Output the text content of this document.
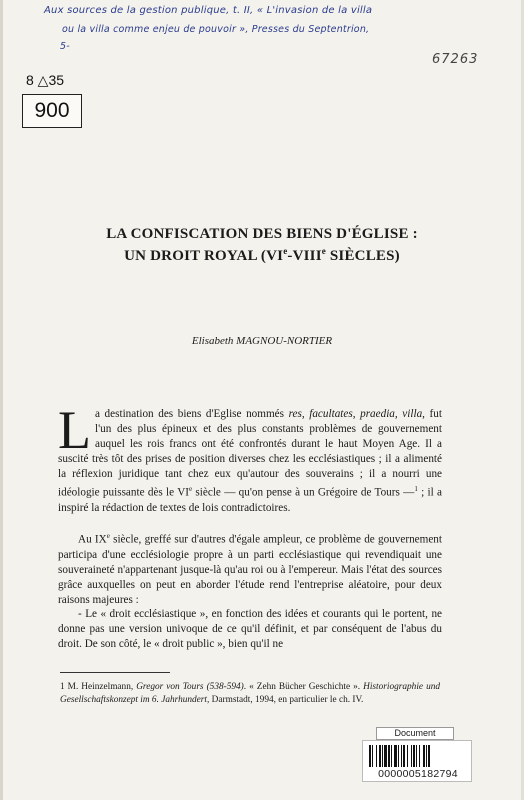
Aux sources de la gestion publique, t. II, « L'invasion de la villa
ou la villa comme enjeu de pouvoir », Presses du Septentrion,
5-
67263
8 △35
900
LA CONFISCATION DES BIENS D'ÉGLISE :
UN DROIT ROYAL (VIe-VIIIe SIÈCLES)
Elisabeth MAGNOU-NORTIER
La destination des biens d'Eglise nommés res, facultates, praedia, villa, fut l'un des plus épineux et des plus constants problèmes de gouvernement auquel les rois francs ont été confrontés durant le haut Moyen Age. Il a suscité très tôt des prises de position diverses chez les ecclésiastiques ; il a alimenté la réflexion juridique tant chez eux qu'autour des souverains ; il a nourri une idéologie puissante dès le VIe siècle — qu'on pense à un Grégoire de Tours —$^1$ ; il a inspiré la rédaction de textes de lois contradictoires.
Au IXe siècle, greffé sur d'autres d'égale ampleur, ce problème de gouvernement participa d'une ecclésiologie propre à un parti ecclésiastique qui revendiquait une souveraineté n'appartenant jusque-là qu'au roi ou à l'empereur. Mais l'état des sources grâce auxquelles on peut en aborder l'étude rend l'entreprise aléatoire, pour deux raisons majeures :
- Le « droit ecclésiastique », en fonction des idées et courants qui le portent, ne donne pas une version univoque de ce qu'il définit, et par conséquent de l'abus du droit. De son côté, le « droit public », bien qu'il ne
1 M. Heinzelmann, Gregor von Tours (538-594). « Zehn Bücher Geschichte ». Historiographie und Gesellschaftskonzept im 6. Jahrhundert, Darmstadt, 1994, en particulier le ch. IV.
Document
0000005182794
